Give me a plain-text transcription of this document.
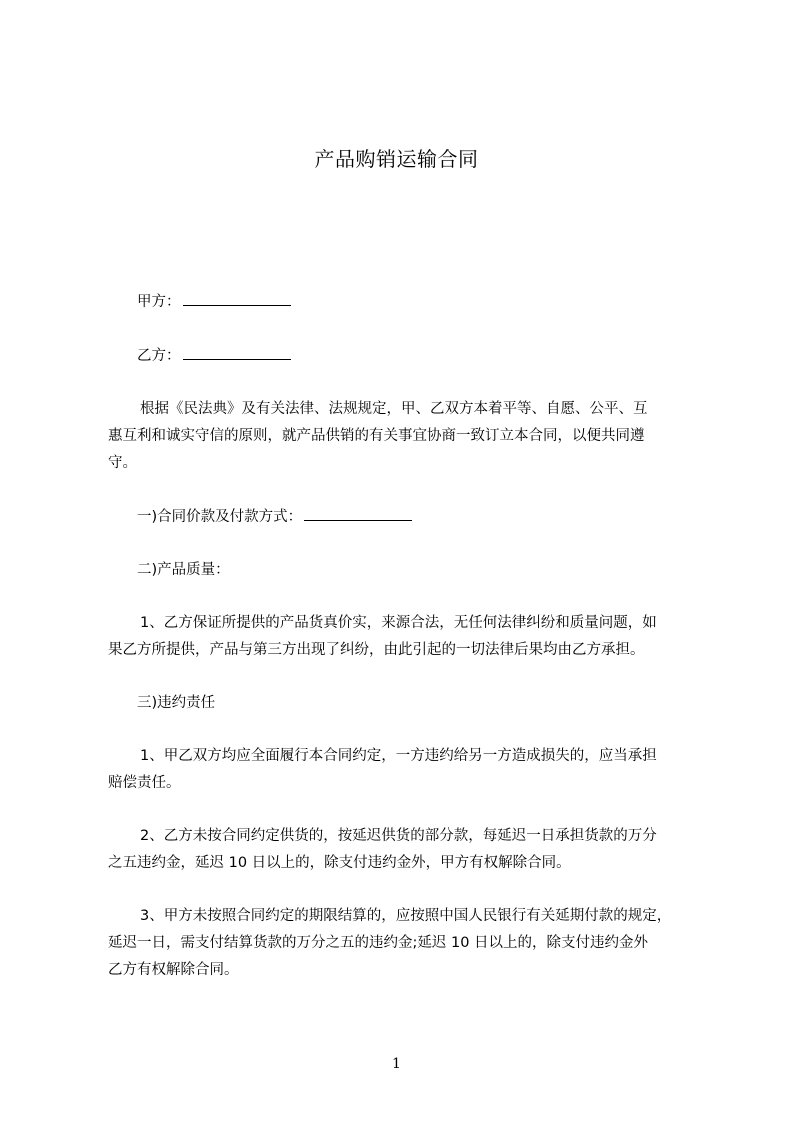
产品购销运输合同
甲方：
乙方：
根据《民法典》及有关法律、法规规定，甲、乙双方本着平等、自愿、公平、互
惠互利和诚实守信的原则，就产品供销的有关事宜协商一致订立本合同，以便共同遵
守。
一)合同价款及付款方式：
二)产品质量：
1、乙方保证所提供的产品货真价实，来源合法，无任何法律纠纷和质量问题，如
果乙方所提供，产品与第三方出现了纠纷，由此引起的一切法律后果均由乙方承担。
三)违约责任
1、甲乙双方均应全面履行本合同约定，一方违约给另一方造成损失的，应当承担
赔偿责任。
2、乙方未按合同约定供货的，按延迟供货的部分款，每延迟一日承担货款的万分
之五违约金，延迟 10 日以上的，除支付违约金外，甲方有权解除合同。
3、甲方未按照合同约定的期限结算的，应按照中国人民银行有关延期付款的规定，
延迟一日，需支付结算货款的万分之五的违约金;延迟 10 日以上的，除支付违约金外
乙方有权解除合同。
1
